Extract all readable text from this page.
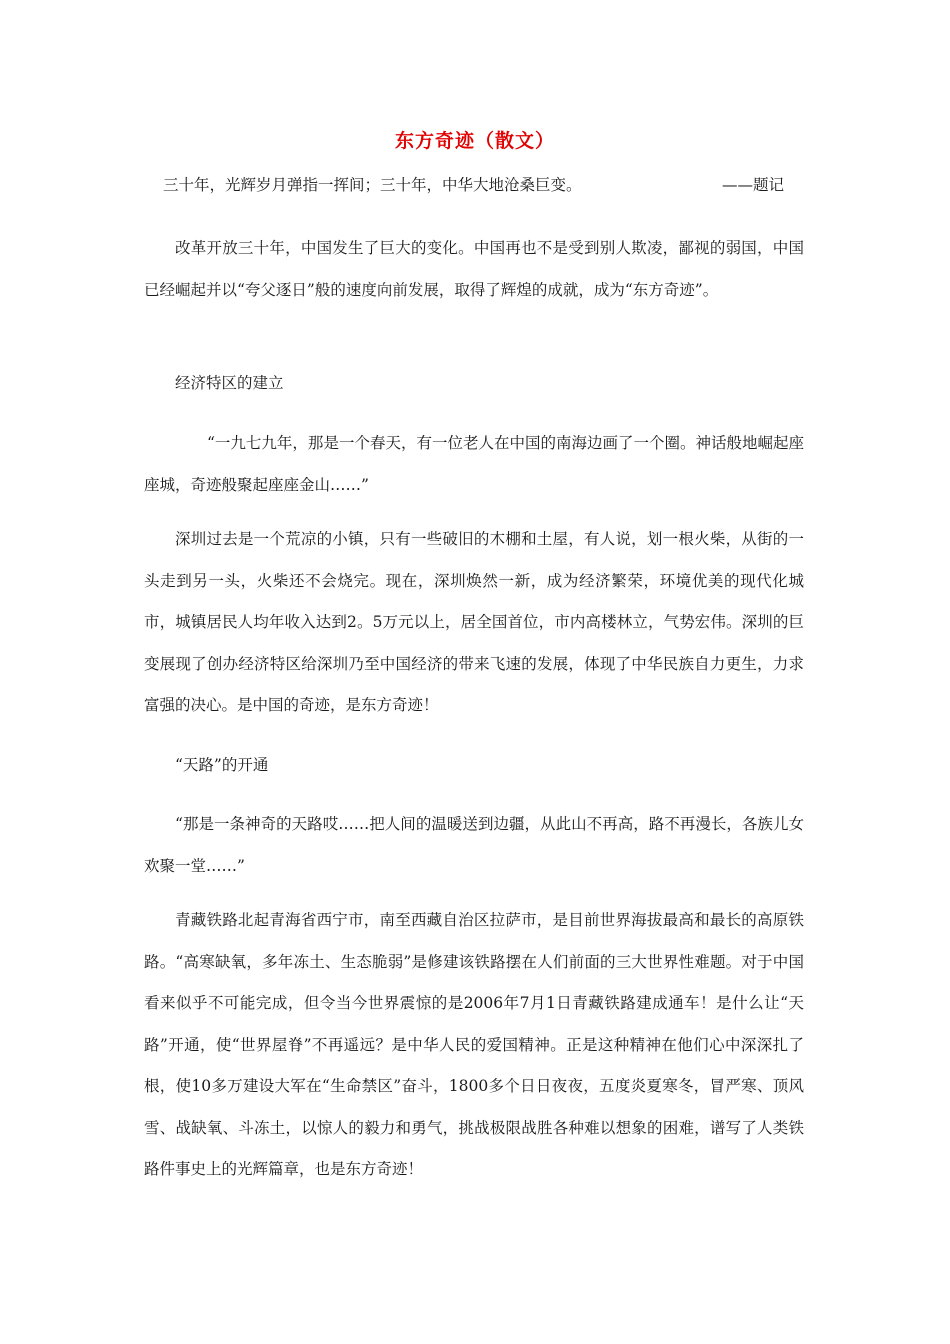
东方奇迹（散文）
三十年，光辉岁月弹指一挥间；三十年，中华大地沧桑巨变。	——题记

改革开放三十年，中国发生了巨大的变化。中国再也不是受到别人欺凌，鄙视的弱国，中国已经崛起并以“夸父逐日”般的速度向前发展，取得了辉煌的成就，成为“东方奇迹”。

经济特区的建立

“一九七九年，那是一个春天，有一位老人在中国的南海边画了一个圈。神话般地崛起座座城，奇迹般聚起座座金山……”

深圳过去是一个荒凉的小镇，只有一些破旧的木棚和土屋，有人说，划一根火柴，从街的一头走到另一头，火柴还不会烧完。现在，深圳焕然一新，成为经济繁荣，环境优美的现代化城市，城镇居民人均年收入达到2。5万元以上，居全国首位，市内高楼林立，气势宏伟。深圳的巨变展现了创办经济特区给深圳乃至中国经济的带来飞速的发展，体现了中华民族自力更生，力求富强的决心。是中国的奇迹，是东方奇迹！

“天路”的开通

“那是一条神奇的天路哎……把人间的温暖送到边疆，从此山不再高，路不再漫长，各族儿女欢聚一堂……”

青藏铁路北起青海省西宁市，南至西藏自治区拉萨市，是目前世界海拔最高和最长的高原铁路。“高寒缺氧，多年冻土、生态脆弱”是修建该铁路摆在人们前面的三大世界性难题。对于中国看来似乎不可能完成，但令当今世界震惊的是2006年7月1日青藏铁路建成通车！是什么让“天路”开通，使“世界屋脊”不再遥远？是中华人民的爱国精神。正是这种精神在他们心中深深扎了根，使10多万建设大军在“生命禁区”奋斗，1800多个日日夜夜，五度炎夏寒冬，冒严寒、顶风雪、战缺氧、斗冻土，以惊人的毅力和勇气，挑战极限战胜各种难以想象的困难，谱写了人类铁路件事史上的光辉篇章，也是东方奇迹！
